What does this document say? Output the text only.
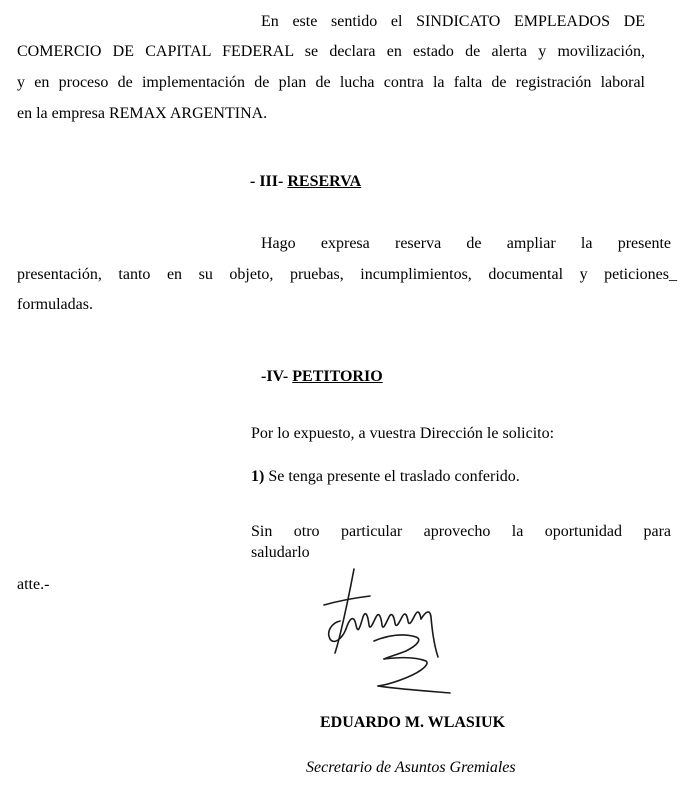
En este sentido el SINDICATO EMPLEADOS DE
COMERCIO DE CAPITAL FEDERAL se declara en estado de alerta y movilización,
y en proceso de implementación de plan de lucha contra la falta de registración laboral
en la empresa REMAX ARGENTINA.
- III- RESERVA
Hago expresa reserva de ampliar la presente
presentación, tanto en su objeto, pruebas, incumplimientos, documental y peticiones_
formuladas.
-IV- PETITORIO
Por lo expuesto, a vuestra Dirección le solicito:
1) Se tenga presente el traslado conferido.
Sin otro particular aprovecho la oportunidad para
saludarlo
atte.-
EDUARDO M. WLASIUK
Secretario de Asuntos Gremiales
